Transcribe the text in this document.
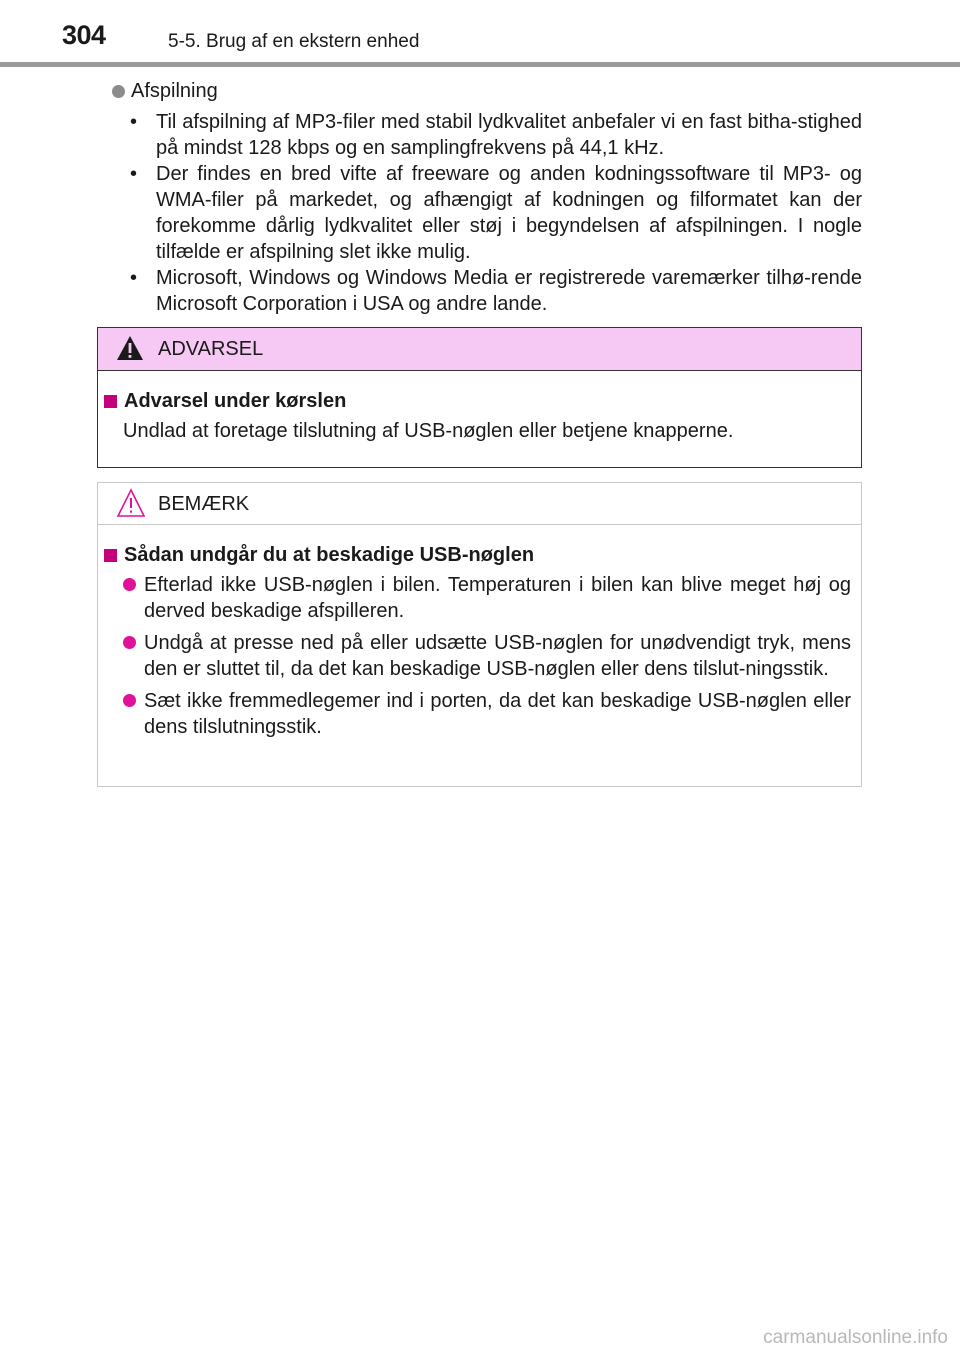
304	5-5. Brug af en ekstern enhed
Afspilning
• Til afspilning af MP3-filer med stabil lydkvalitet anbefaler vi en fast bitha-stighed på mindst 128 kbps og en samplingfrekvens på 44,1 kHz.
• Der findes en bred vifte af freeware og anden kodningssoftware til MP3- og WMA-filer på markedet, og afhængigt af kodningen og filformatet kan der forekomme dårlig lydkvalitet eller støj i begyndelsen af afspilningen. I nogle tilfælde er afspilning slet ikke mulig.
• Microsoft, Windows og Windows Media er registrerede varemærker tilhø-rende Microsoft Corporation i USA og andre lande.
ADVARSEL
Advarsel under kørslen
Undlad at foretage tilslutning af USB-nøglen eller betjene knapperne.
BEMÆRK
Sådan undgår du at beskadige USB-nøglen
Efterlad ikke USB-nøglen i bilen. Temperaturen i bilen kan blive meget høj og derved beskadige afspilleren.
Undgå at presse ned på eller udsætte USB-nøglen for unødvendigt tryk, mens den er sluttet til, da det kan beskadige USB-nøglen eller dens tilslut-ningsstik.
Sæt ikke fremmedlegemer ind i porten, da det kan beskadige USB-nøglen eller dens tilslutningsstik.
carmanualsonline.info
